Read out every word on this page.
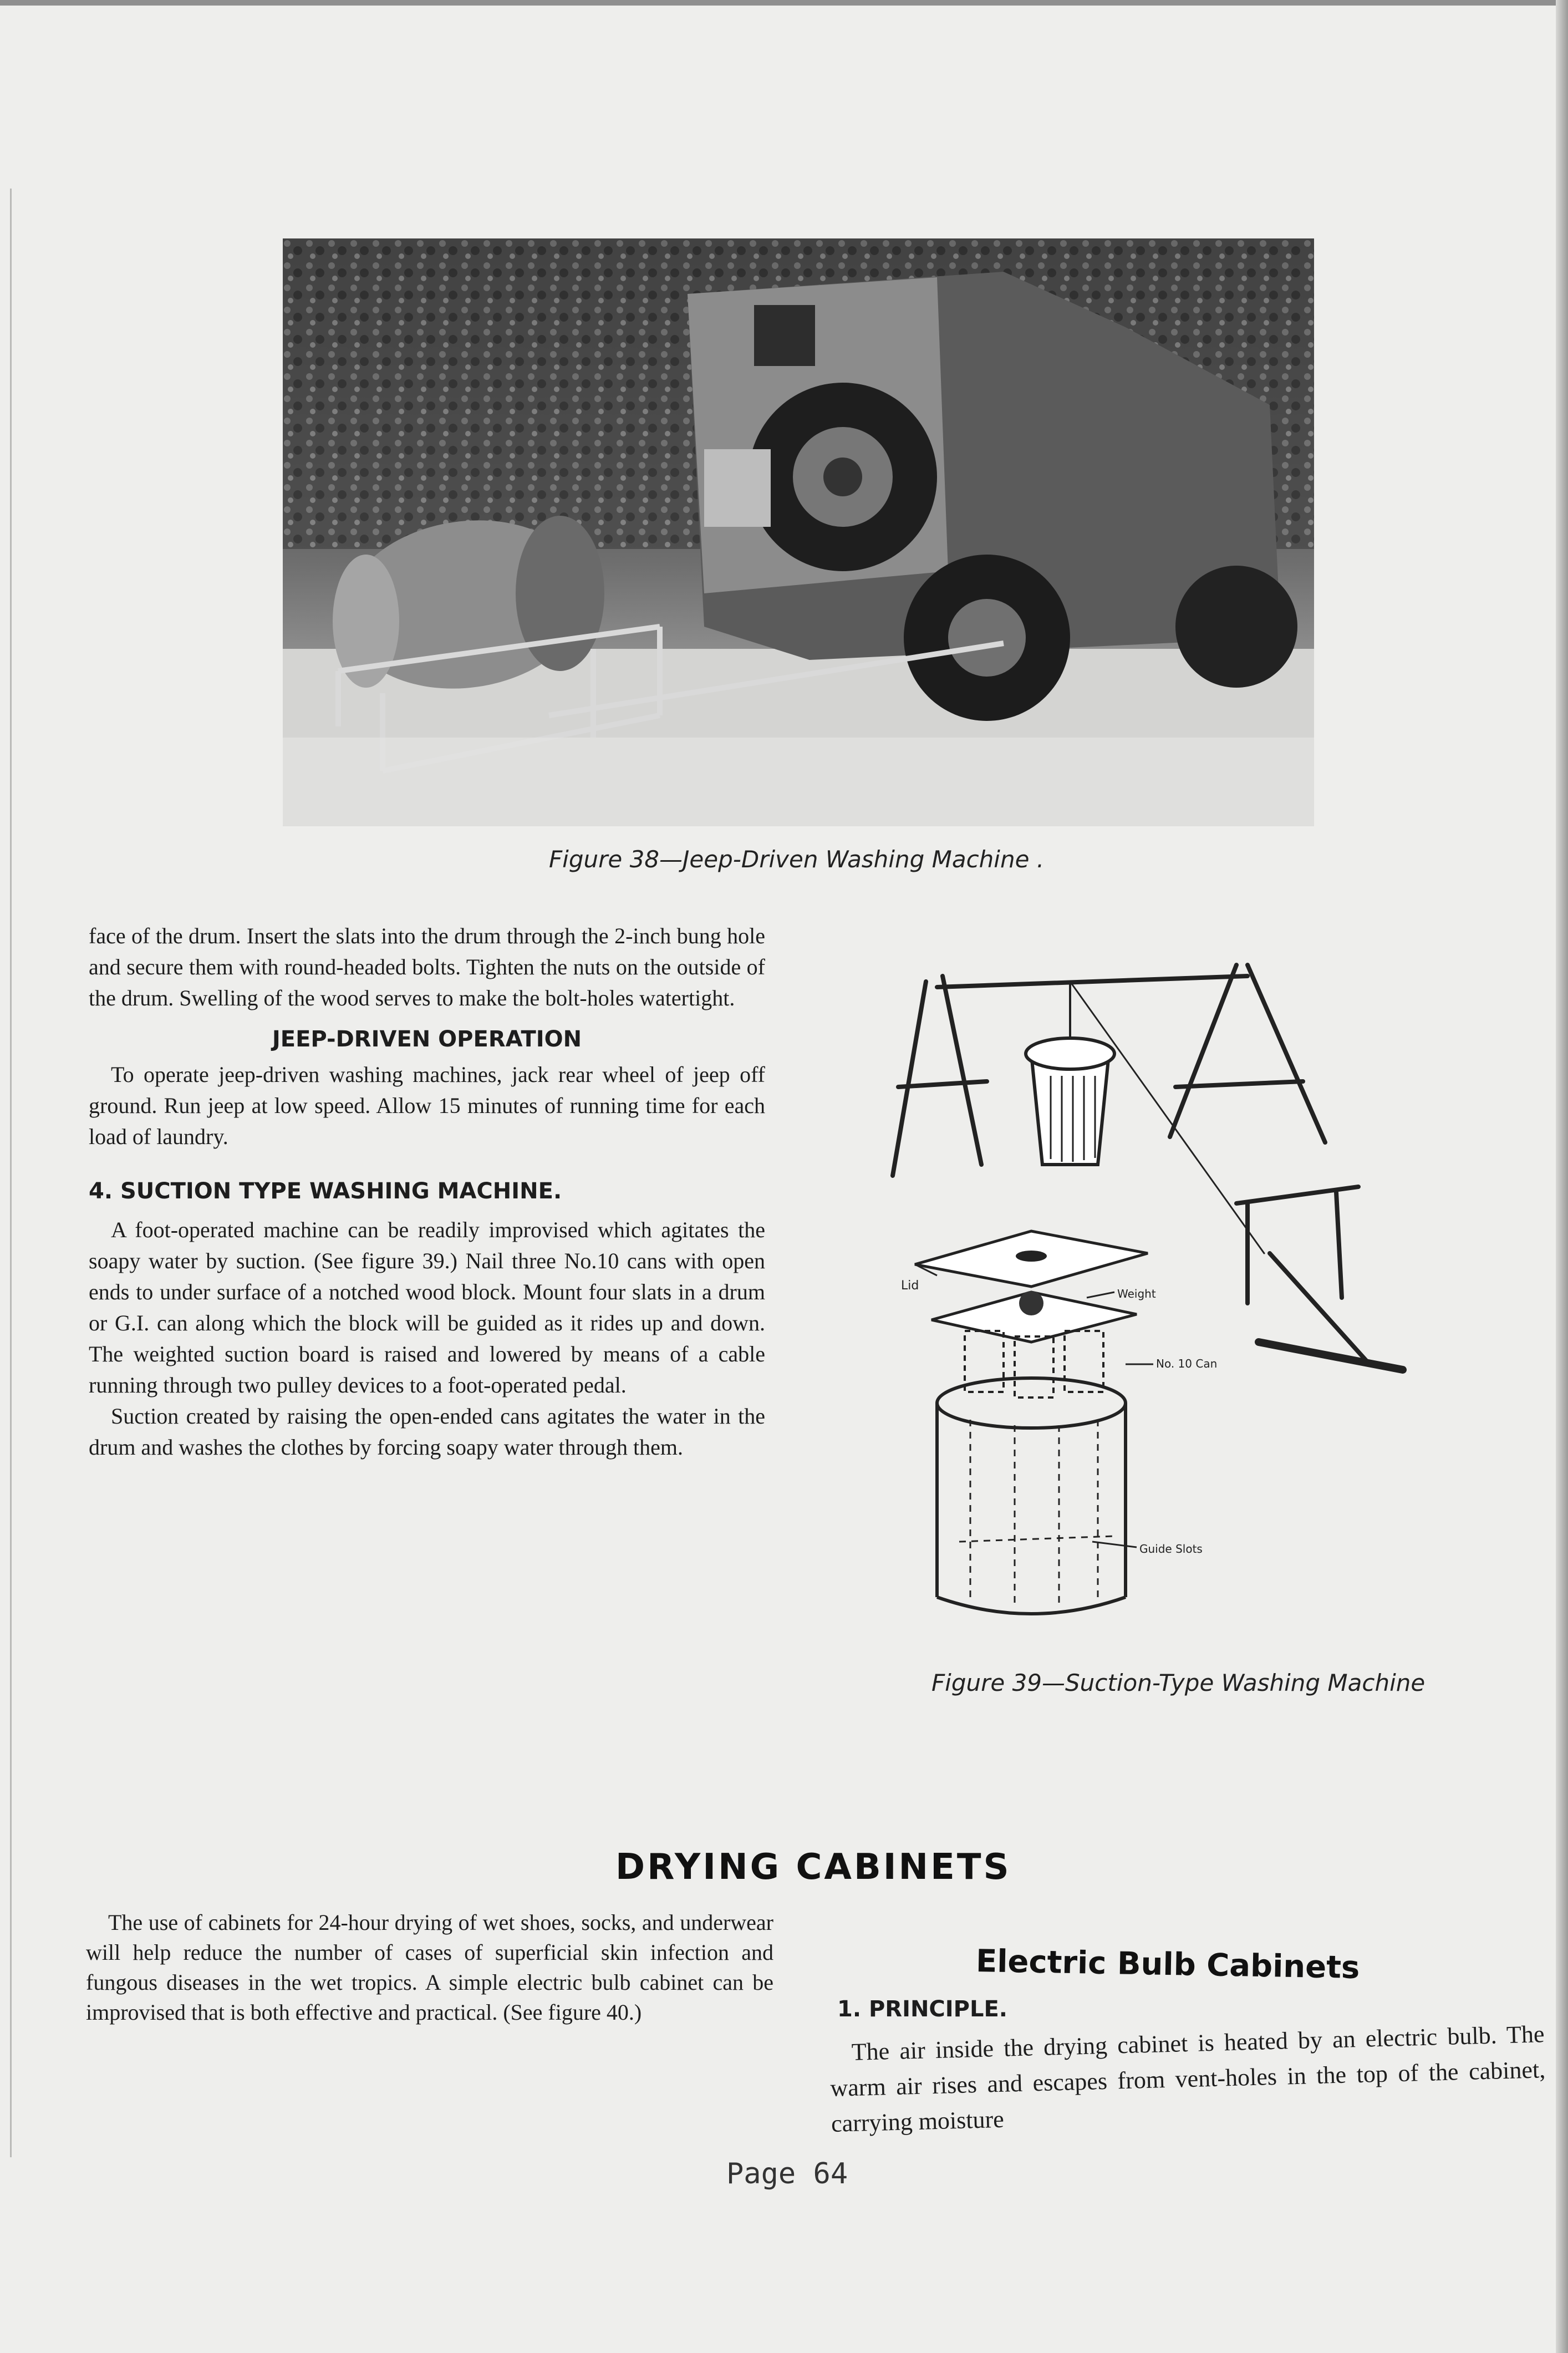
Figure 38—Jeep-Driven Washing Machine .

face of the drum. Insert the slats into the drum through the 2-inch bung hole and secure them with round-headed bolts. Tighten the nuts on the outside of the drum. Swelling of the wood serves to make the bolt-holes watertight.

JEEP-DRIVEN OPERATION

To operate jeep-driven washing machines, jack rear wheel of jeep off ground. Run jeep at low speed. Allow 15 minutes of running time for each load of laundry.

4. SUCTION TYPE WASHING MACHINE.

A foot-operated machine can be readily improvised which agitates the soapy water by suction. (See figure 39.) Nail three No.10 cans with open ends to under surface of a notched wood block. Mount four slats in a drum or G.I. can along which the block will be guided as it rides up and down. The weighted suction board is raised and lowered by means of a cable running through two pulley devices to a foot-operated pedal.

Suction created by raising the open-ended cans agitates the water in the drum and washes the clothes by forcing soapy water through them.

Lid
Weight
No. 10 Can
Guide Slots
Figure 39—Suction-Type Washing Machine
DRYING CABINETS

The use of cabinets for 24-hour drying of wet shoes, socks, and underwear will help reduce the number of cases of superficial skin infection and fungous diseases in the wet tropics. A simple electric bulb cabinet can be improvised that is both effective and practical. (See figure 40.)

Electric Bulb Cabinets
1. PRINCIPLE.

The air inside the drying cabinet is heated by an electric bulb. The warm air rises and escapes from vent-holes in the top of the cabinet, carrying moisture

Page 64
